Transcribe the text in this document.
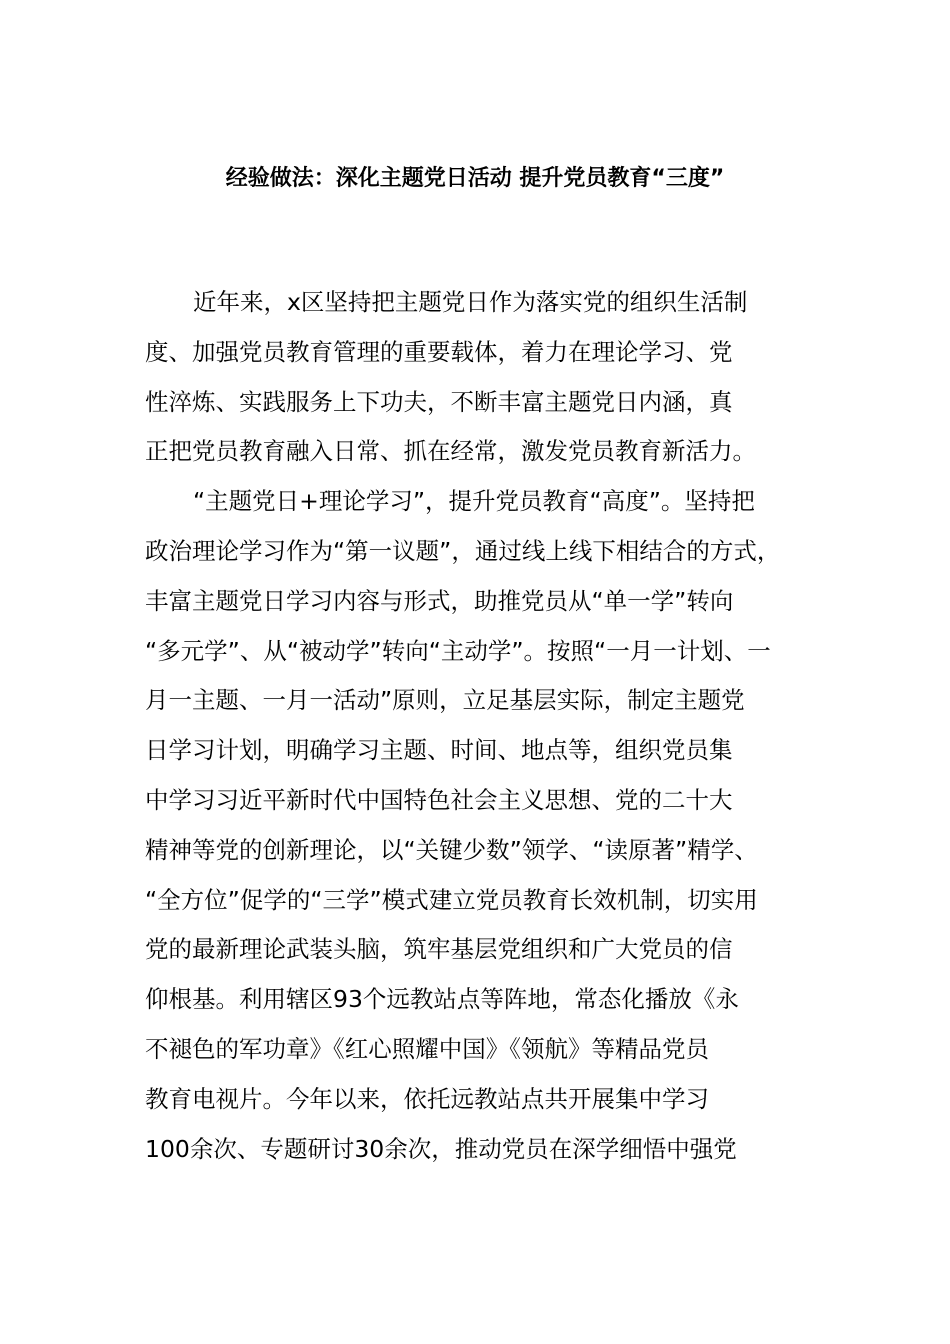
经验做法：深化主题党日活动 提升党员教育“三度”
近年来，x区坚持把主题党日作为落实党的组织生活制
度、加强党员教育管理的重要载体，着力在理论学习、党
性淬炼、实践服务上下功夫，不断丰富主题党日内涵，真
正把党员教育融入日常、抓在经常，激发党员教育新活力。
“主题党日+理论学习”，提升党员教育“高度”。坚持把
政治理论学习作为“第一议题”，通过线上线下相结合的方式，
丰富主题党日学习内容与形式，助推党员从“单一学”转向
“多元学”、从“被动学”转向“主动学”。按照“一月一计划、一
月一主题、一月一活动”原则，立足基层实际，制定主题党
日学习计划，明确学习主题、时间、地点等，组织党员集
中学习习近平新时代中国特色社会主义思想、党的二十大
精神等党的创新理论，以“关键少数”领学、“读原著”精学、
“全方位”促学的“三学”模式建立党员教育长效机制，切实用
党的最新理论武装头脑，筑牢基层党组织和广大党员的信
仰根基。利用辖区93个远教站点等阵地，常态化播放《永
不褪色的军功章》《红心照耀中国》《领航》等精品党员
教育电视片。今年以来，依托远教站点共开展集中学习
100余次、专题研讨30余次，推动党员在深学细悟中强党
